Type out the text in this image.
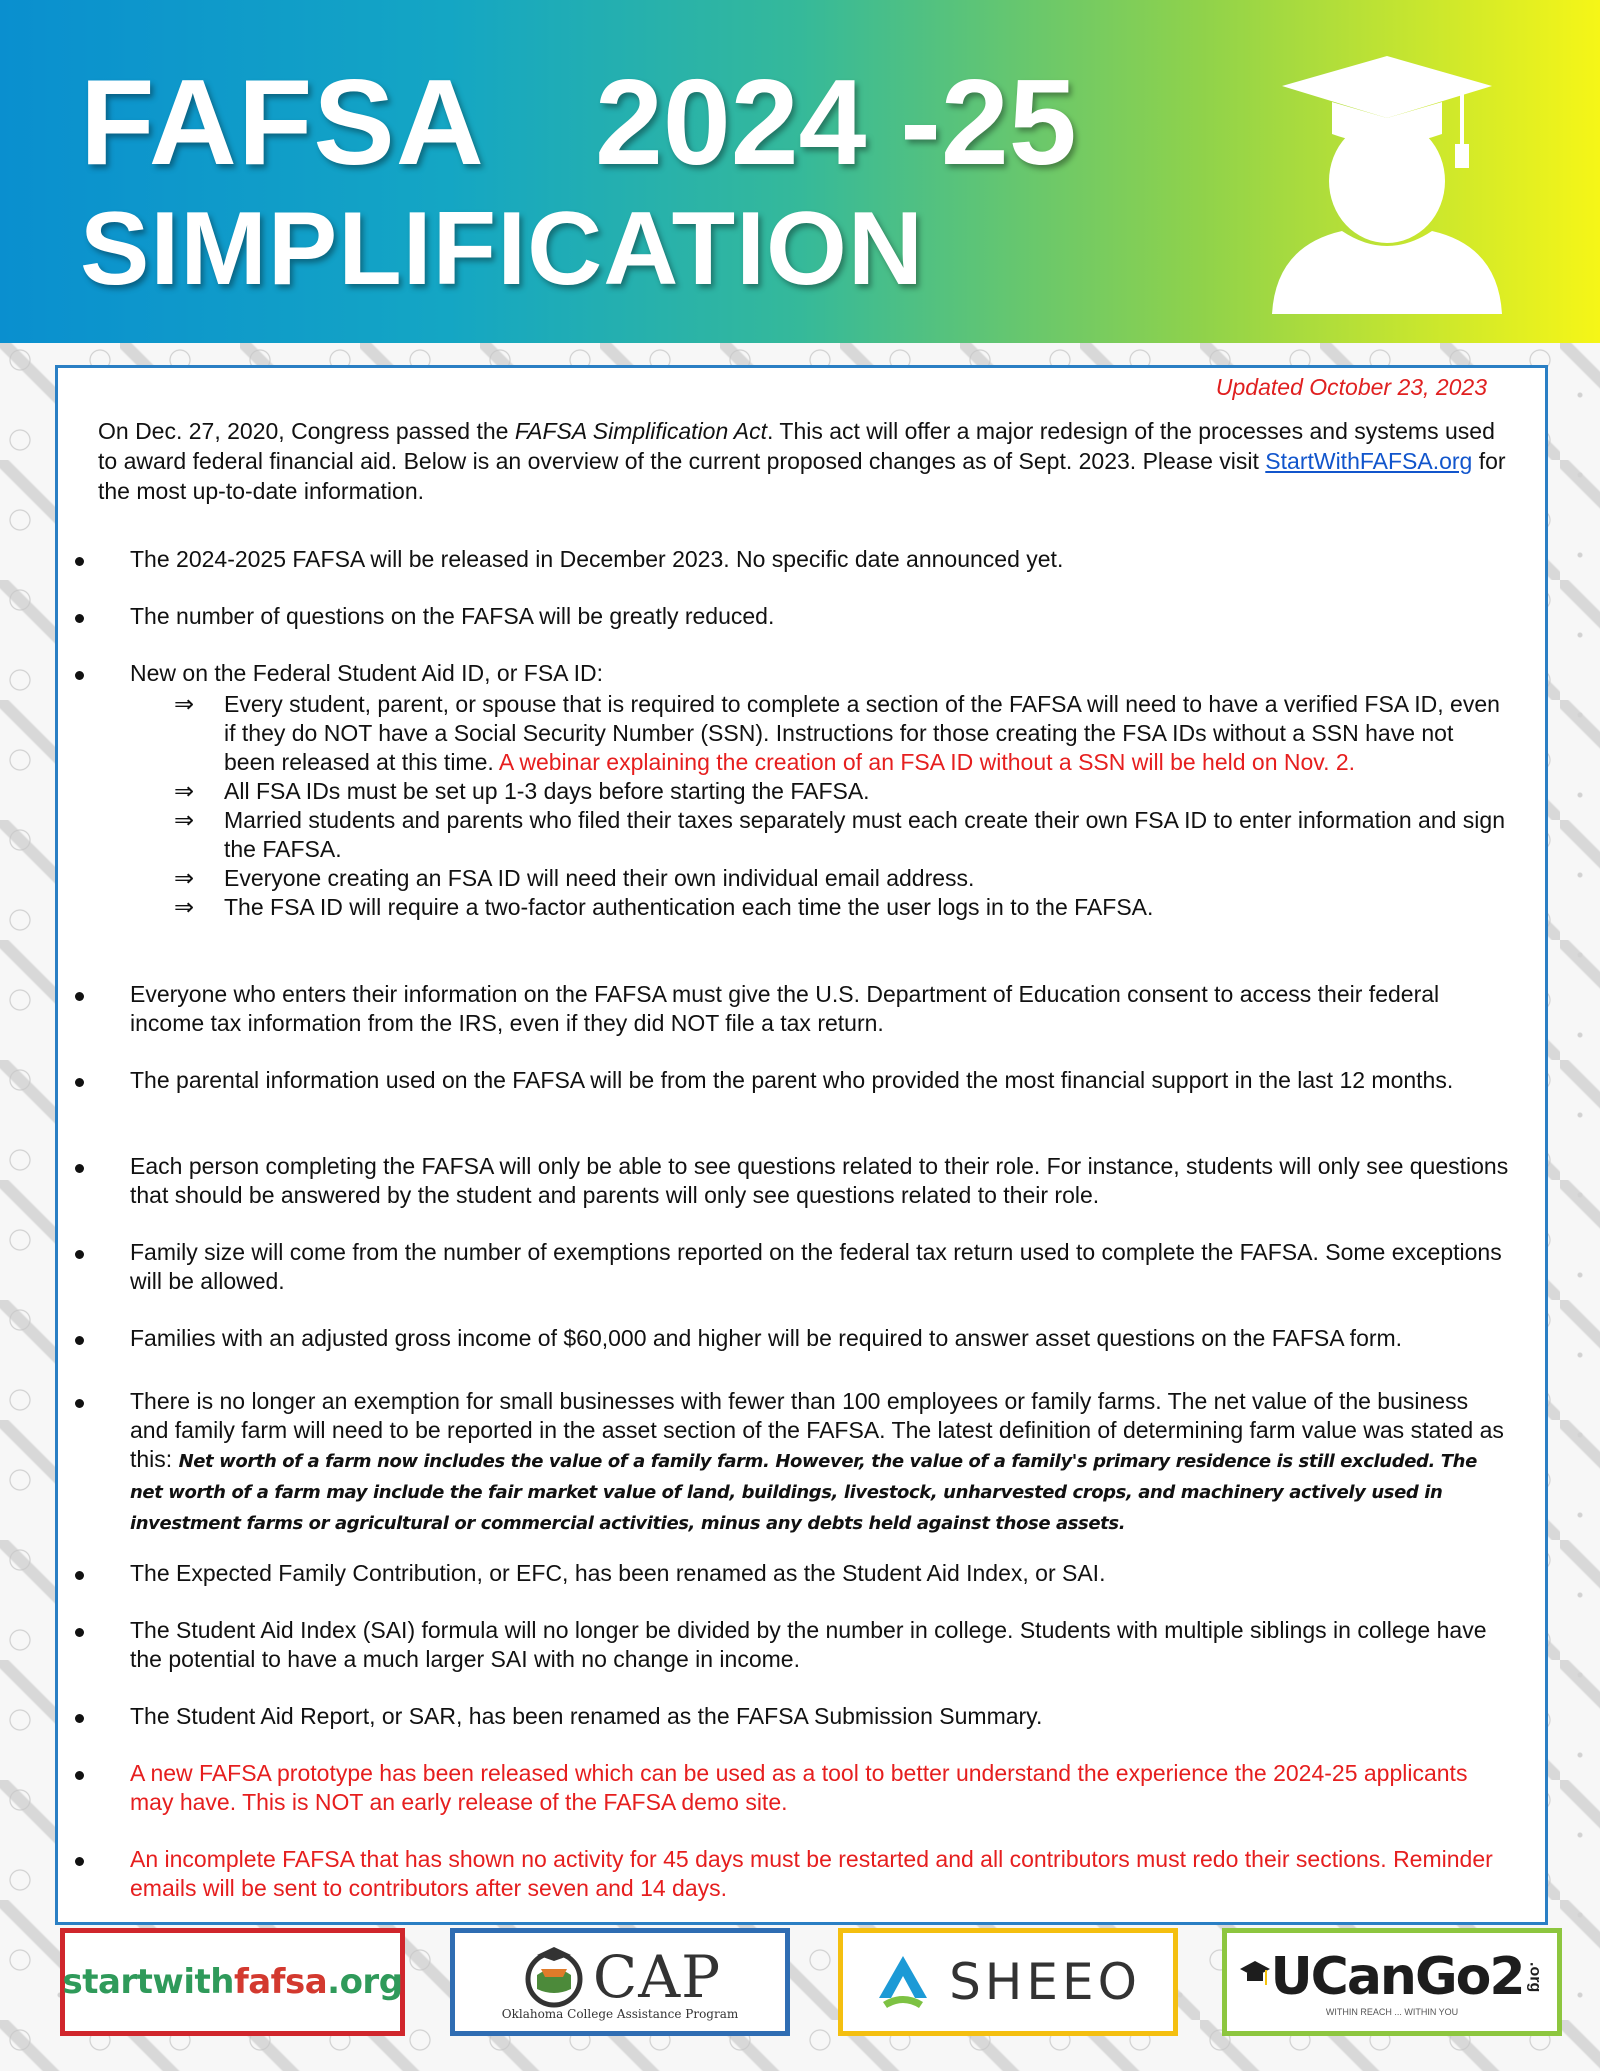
FAFSA 2024 -25
SIMPLIFICATION
Updated October 23, 2023

On Dec. 27, 2020, Congress passed the FAFSA Simplification Act. This act will offer a major redesign of the processes and systems used to award federal financial aid. Below is an overview of the current proposed changes as of Sept. 2023. Please visit StartWithFAFSA.org for the most up-to-date information.

The 2024-2025 FAFSA will be released in December 2023. No specific date announced yet.
The number of questions on the FAFSA will be greatly reduced.
New on the Federal Student Aid ID, or FSA ID:
⇒ Every student, parent, or spouse that is required to complete a section of the FAFSA will need to have a verified FSA ID, even if they do NOT have a Social Security Number (SSN). Instructions for those creating the FSA IDs without a SSN have not been released at this time. A webinar explaining the creation of an FSA ID without a SSN will be held on Nov. 2.
⇒ All FSA IDs must be set up 1-3 days before starting the FAFSA.
⇒ Married students and parents who filed their taxes separately must each create their own FSA ID to enter information and sign the FAFSA.
⇒ Everyone creating an FSA ID will need their own individual email address.
⇒ The FSA ID will require a two-factor authentication each time the user logs in to the FAFSA.
Everyone who enters their information on the FAFSA must give the U.S. Department of Education consent to access their federal income tax information from the IRS, even if they did NOT file a tax return.
The parental information used on the FAFSA will be from the parent who provided the most financial support in the last 12 months.
Each person completing the FAFSA will only be able to see questions related to their role. For instance, students will only see questions that should be answered by the student and parents will only see questions related to their role.
Family size will come from the number of exemptions reported on the federal tax return used to complete the FAFSA. Some exceptions will be allowed.
Families with an adjusted gross income of $60,000 and higher will be required to answer asset questions on the FAFSA form.
There is no longer an exemption for small businesses with fewer than 100 employees or family farms. The net value of the business and family farm will need to be reported in the asset section of the FAFSA. The latest definition of determining farm value was stated as this: Net worth of a farm now includes the value of a family farm. However, the value of a family's primary residence is still excluded. The net worth of a farm may include the fair market value of land, buildings, livestock, unharvested crops, and machinery actively used in investment farms or agricultural or commercial activities, minus any debts held against those assets.
The Expected Family Contribution, or EFC, has been renamed as the Student Aid Index, or SAI.
The Student Aid Index (SAI) formula will no longer be divided by the number in college. Students with multiple siblings in college have the potential to have a much larger SAI with no change in income.
The Student Aid Report, or SAR, has been renamed as the FAFSA Submission Summary.
A new FAFSA prototype has been released which can be used as a tool to better understand the experience the 2024-25 applicants may have. This is NOT an early release of the FAFSA demo site.
An incomplete FAFSA that has shown no activity for 45 days must be restarted and all contributors must redo their sections. Reminder emails will be sent to contributors after seven and 14 days.
startwithfafsa.org	CAP
Oklahoma College Assistance Program
SHEEO UCanGo2 .org
WITHIN REACH ... WITHIN YOU
